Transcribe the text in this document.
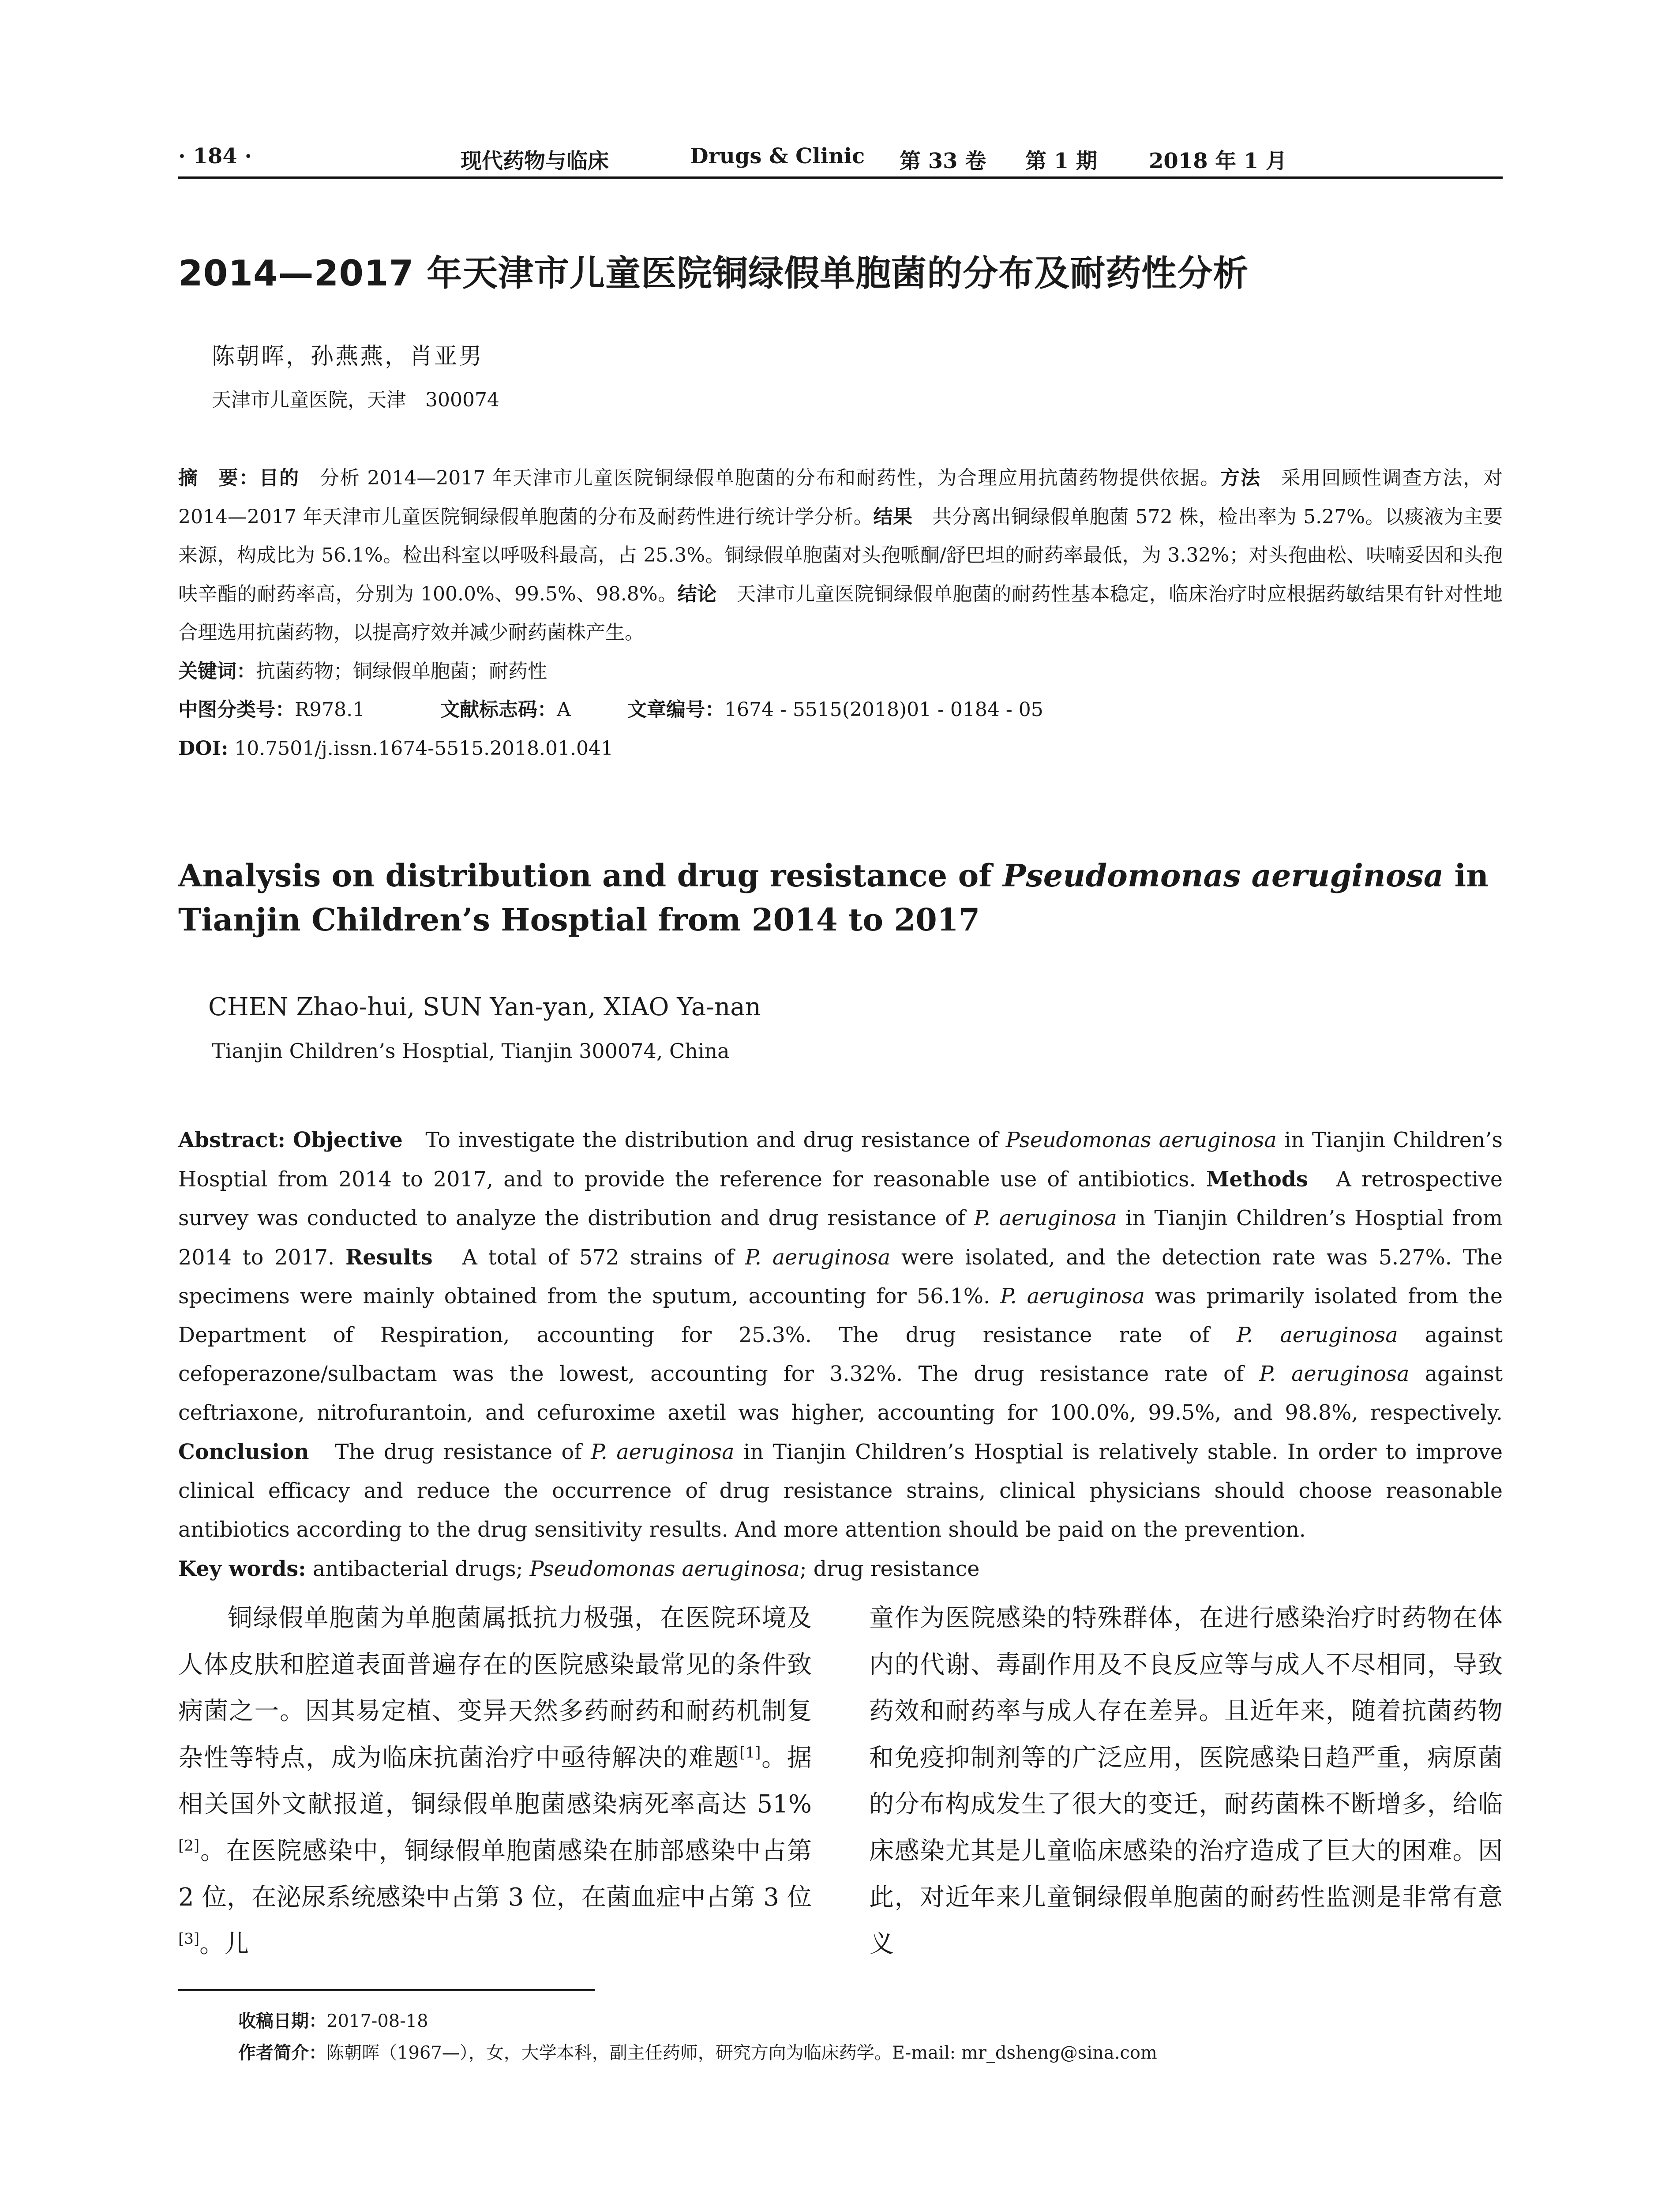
· 184 ·	现代药物与临床	Drugs & Clinic 第 33 卷 第 1 期 2018 年 1 月
2014—2017 年天津市儿童医院铜绿假单胞菌的分布及耐药性分析
陈朝晖，孙燕燕，肖亚男
天津市儿童医院，天津　300074

摘　要：目的　分析 2014—2017 年天津市儿童医院铜绿假单胞菌的分布和耐药性，为合理应用抗菌药物提供依据。方法　采用回顾性调查方法，对 2014—2017 年天津市儿童医院铜绿假单胞菌的分布及耐药性进行统计学分析。结果　共分离出铜绿假单胞菌 572 株，检出率为 5.27%。以痰液为主要来源，构成比为 56.1%。检出科室以呼吸科最高，占 25.3%。铜绿假单胞菌对头孢哌酮/舒巴坦的耐药率最低，为 3.32%；对头孢曲松、呋喃妥因和头孢呋辛酯的耐药率高，分别为 100.0%、99.5%、98.8%。结论　天津市儿童医院铜绿假单胞菌的耐药性基本稳定，临床治疗时应根据药敏结果有针对性地合理选用抗菌药物，以提高疗效并减少耐药菌株产生。

关键词：抗菌药物；铜绿假单胞菌；耐药性

中图分类号：R978.1	文献标志码：A	文章编号：1674 - 5515(2018)01 - 0184 - 05

DOI: 10.7501/j.issn.1674-5515.2018.01.041

Analysis on distribution and drug resistance of Pseudomonas aeruginosa in Tianjin Children’s Hosptial from 2014 to 2017
CHEN Zhao-hui, SUN Yan-yan, XIAO Ya-nan
Tianjin Children’s Hosptial, Tianjin 300074, China

Abstract: Objective　To investigate the distribution and drug resistance of Pseudomonas aeruginosa in Tianjin Children’s Hosptial from 2014 to 2017, and to provide the reference for reasonable use of antibiotics. Methods　A retrospective survey was conducted to analyze the distribution and drug resistance of P. aeruginosa in Tianjin Children’s Hosptial from 2014 to 2017. Results　A total of 572 strains of P. aeruginosa were isolated, and the detection rate was 5.27%. The specimens were mainly obtained from the sputum, accounting for 56.1%. P. aeruginosa was primarily isolated from the Department of Respiration, accounting for 25.3%. The drug resistance rate of P. aeruginosa against cefoperazone/sulbactam was the lowest, accounting for 3.32%. The drug resistance rate of P. aeruginosa against ceftriaxone, nitrofurantoin, and cefuroxime axetil was higher, accounting for 100.0%, 99.5%, and 98.8%, respectively. Conclusion　The drug resistance of P. aeruginosa in Tianjin Children’s Hosptial is relatively stable. In order to improve clinical efficacy and reduce the occurrence of drug resistance strains, clinical physicians should choose reasonable antibiotics according to the drug sensitivity results. And more attention should be paid on the prevention.

Key words: antibacterial drugs; Pseudomonas aeruginosa; drug resistance

铜绿假单胞菌为单胞菌属抵抗力极强，在医院环境及人体皮肤和腔道表面普遍存在的医院感染最常见的条件致病菌之一。因其易定植、变异天然多药耐药和耐药机制复杂性等特点，成为临床抗菌治疗中亟待解决的难题[1]。据相关国外文献报道，铜绿假单胞菌感染病死率高达 51%[2]。在医院感染中，铜绿假单胞菌感染在肺部感染中占第 2 位，在泌尿系统感染中占第 3 位，在菌血症中占第 3 位[3]。儿
童作为医院感染的特殊群体，在进行感染治疗时药物在体内的代谢、毒副作用及不良反应等与成人不尽相同，导致药效和耐药率与成人存在差异。且近年来，随着抗菌药物和免疫抑制剂等的广泛应用，医院感染日趋严重，病原菌的分布构成发生了很大的变迁，耐药菌株不断增多，给临床感染尤其是儿童临床感染的治疗造成了巨大的困难。因此，对近年来儿童铜绿假单胞菌的耐药性监测是非常有意义

收稿日期：2017-08-18

作者简介：陈朝晖（1967—），女，大学本科，副主任药师，研究方向为临床药学。E-mail: mr_dsheng@sina.com
